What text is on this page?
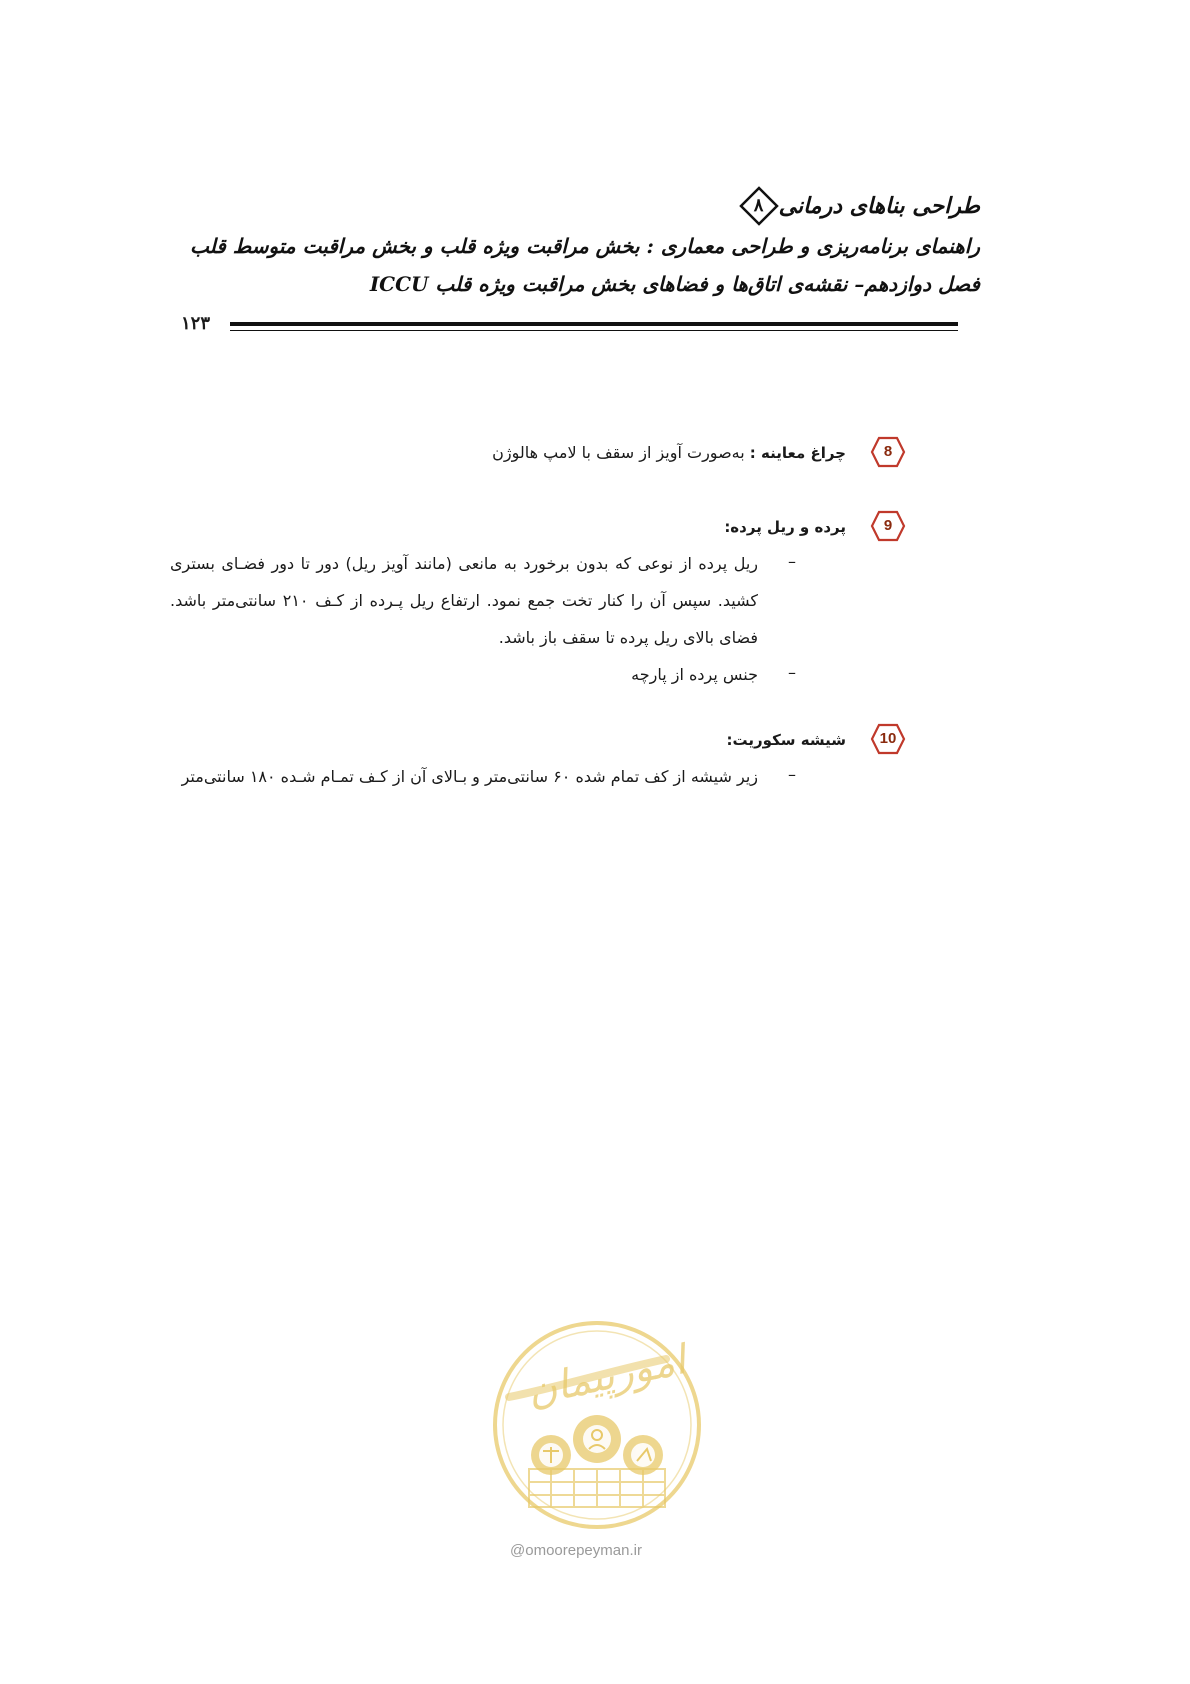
طراحی بناهای درمانی
۸
راهنمای برنامه‌ریزی و طراحی معماری : بخش مراقبت ویژه قلب و بخش مراقبت متوسط قلب
فصل دوازدهم– نقشه‌ی اتاق‌ها و فضاهای بخش مراقبت ویژه قلب ICCU
۱۲۳
8
چراغ معاینه : به‌صورت آویز از سقف با لامپ هالوژن
9
پرده و ریل پرده:
–
ریل پرده از نوعی که بدون برخورد به مانعی (مانند آویز ریل) دور تا دور فضـای بستری کشید. سپس آن را کنار تخت جمع نمود. ارتفاع ریل پـرده از کـف ۲۱۰ سانتی‌متر باشد. فضای بالای ریل پرده تا سقف باز باشد.
–
جنس پرده از پارچه
10
شیشه سکوریت:
–
زیر شیشه از کف تمام شده ۶۰ سانتی‌متر و بـالای آن از کـف تمـام شـده ۱۸۰ سانتی‌متر
امورپیمان
@omoorepeyman.ir
